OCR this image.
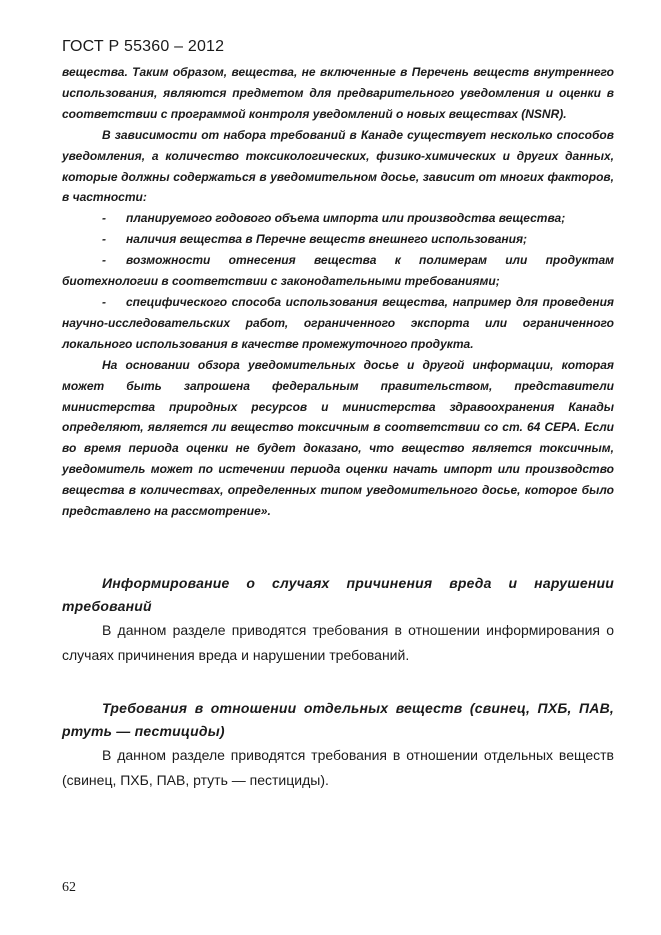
ГОСТ Р 55360 – 2012

вещества. Таким образом, вещества, не включенные в Перечень веществ внутреннего использования, являются предметом для предварительного уведомления и оценки в соответствии с программой контроля уведомлений о новых веществах (NSNR).

В зависимости от набора требований в Канаде существует несколько способов уведомления, а количество токсикологических, физико-химических и других данных, которые должны содержаться в уведомительном досье, зависит от многих факторов, в частности:

- планируемого годового объема импорта или производства вещества;

- наличия вещества в Перечне веществ внешнего использования;

- возможности отнесения вещества к полимерам или продуктам биотехнологии в соответствии с законодательными требованиями;

- специфического способа использования вещества, например для проведения научно-исследовательских работ, ограниченного экспорта или ограниченного локального использования в качестве промежуточного продукта.

На основании обзора уведомительных досье и другой информации, которая может быть запрошена федеральным правительством, представители министерства природных ресурсов и министерства здравоохранения Канады определяют, является ли вещество токсичным в соответствии со ст. 64 CEPA. Если во время периода оценки не будет доказано, что вещество является токсичным, уведомитель может по истечении периода оценки начать импорт или производство вещества в количествах, определенных типом уведомительного досье, которое было представлено на рассмотрение».

Информирование о случаях причинения вреда и нарушении требований

В данном разделе приводятся требования в отношении информирования о случаях причинения вреда и нарушении требований.

Требования в отношении отдельных веществ (свинец, ПХБ, ПАВ, ртуть — пестициды)

В данном разделе приводятся требования в отношении отдельных веществ (свинец, ПХБ, ПАВ, ртуть — пестициды).

62
